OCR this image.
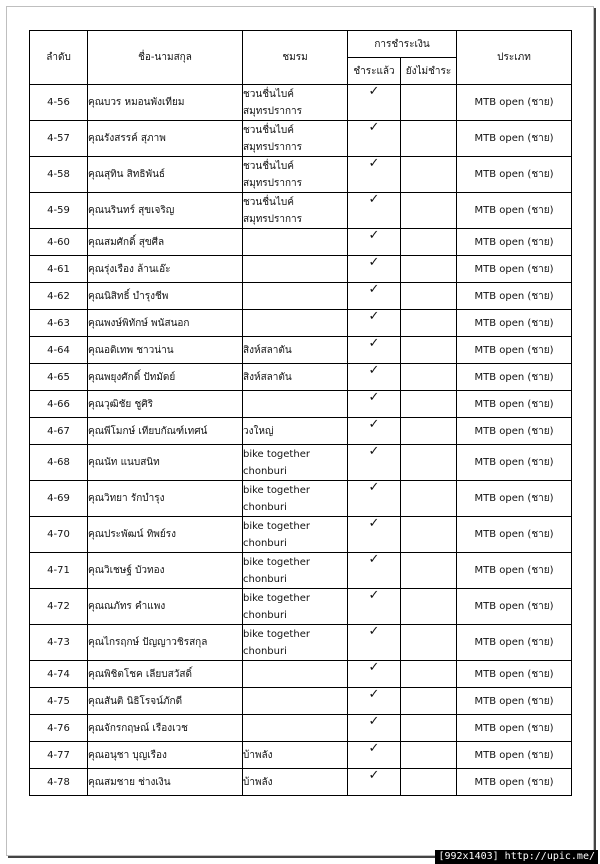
ลำดับ	ชื่อ-นามสกุล	ชมรม	การชำระเงิน		ประเภท
			ชำระแล้ว	ยังไม่ชำระ	
4-56	คุณบวร หมอนพังเทียม	ชวนชื่นไบค์
สมุทรปราการ	✓		MTB open (ชาย)
4-57	คุณรังสรรค์ สุภาพ	ชวนชื่นไบค์
สมุทรปราการ	✓		MTB open (ชาย)
4-58	คุณสุทิน สิทธิพันธ์	ชวนชื่นไบค์
สมุทรปราการ	✓		MTB open (ชาย)
4-59	คุณนรินทร์ สุขเจริญ	ชวนชื่นไบค์
สมุทรปราการ	✓		MTB open (ชาย)
4-60	คุณสมศักดิ์ สุขศีล		✓		MTB open (ชาย)
4-61	คุณรุ่งเรือง ล้านเอ๊ะ		✓		MTB open (ชาย)
4-62	คุณนิสิทธิ์ บำรุงชีพ		✓		MTB open (ชาย)
4-63	คุณพงษ์พิทักษ์ พนัสนอก		✓		MTB open (ชาย)
4-64	คุณอดิเทพ ชาวน่าน	สิงห์สลาตัน	✓		MTB open (ชาย)
4-65	คุณพยุงศักดิ์ ปัทมัดย์	สิงห์สลาตัน	✓		MTB open (ชาย)
4-66	คุณวุฒิชัย ชูศิริ		✓		MTB open (ชาย)
4-67	คุณพีโมกษ์ เทียบกัณฑ์เทศน์	วงใหญ่	✓		MTB open (ชาย)
4-68	คุณนัท แนบสนิท	bike together
chonburi	✓		MTB open (ชาย)
4-69	คุณวิทยา รักบำรุง	bike together
chonburi	✓		MTB open (ชาย)
4-70	คุณประพัฒน์ ทิพย์รง	bike together
chonburi	✓		MTB open (ชาย)
4-71	คุณวิเชษฐ์ บัวทอง	bike together
chonburi	✓		MTB open (ชาย)
4-72	คุณณภัทร คำแพง	bike together
chonburi	✓		MTB open (ชาย)
4-73	คุณไกรฤกษ์ ปัญญาวชิรสกุล	bike together
chonburi	✓		MTB open (ชาย)
4-74	คุณพิชิตโชค เลียบสวัสดิ์		✓		MTB open (ชาย)
4-75	คุณสันติ นิธิโรจน์ภักดี		✓		MTB open (ชาย)
4-76	คุณจักรกฤษณ์ เรืองเวช		✓		MTB open (ชาย)
4-77	คุณอนุชา บุญเรือง	บ้าพลัง	✓		MTB open (ชาย)
4-78	คุณสมชาย ช่างเงิน	บ้าพลัง	✓		MTB open (ชาย)
[992x1403] http://upic.me/
